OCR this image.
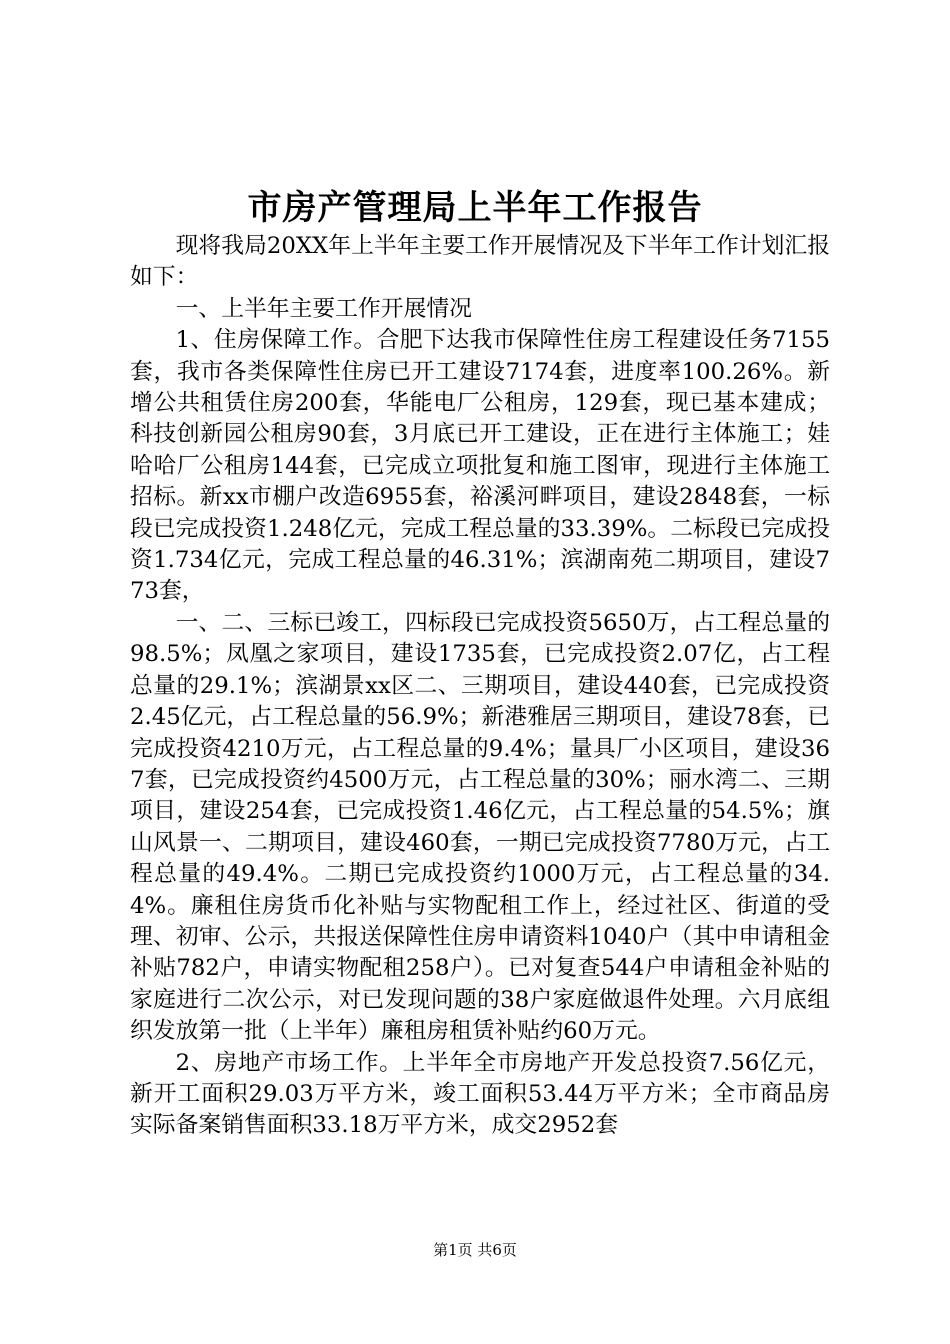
市房产管理局上半年工作报告

现将我局20XX年上半年主要工作开展情况及下半年工作计划汇报如下：

一、上半年主要工作开展情况

1、住房保障工作。合肥下达我市保障性住房工程建设任务7155套，我市各类保障性住房已开工建设7174套，进度率100.26%。新增公共租赁住房200套，华能电厂公租房，129套，现已基本建成；科技创新园公租房90套，3月底已开工建设，正在进行主体施工；娃哈哈厂公租房144套，已完成立项批复和施工图审，现进行主体施工招标。新xx市棚户改造6955套，裕溪河畔项目，建设2848套，一标段已完成投资1.248亿元，完成工程总量的33.39%。二标段已完成投资1.734亿元，完成工程总量的46.31%；滨湖南苑二期项目，建设773套，

一、二、三标已竣工，四标段已完成投资5650万，占工程总量的98.5%；凤凰之家项目，建设1735套，已完成投资2.07亿，占工程总量的29.1%；滨湖景xx区二、三期项目，建设440套，已完成投资2.45亿元，占工程总量的56.9%；新港雅居三期项目，建设78套，已完成投资4210万元，占工程总量的9.4%；量具厂小区项目，建设367套，已完成投资约4500万元，占工程总量的30%；丽水湾二、三期项目，建设254套，已完成投资1.46亿元，占工程总量的54.5%；旗山风景一、二期项目，建设460套，一期已完成投资7780万元，占工程总量的49.4%。二期已完成投资约1000万元，占工程总量的34.4%。廉租住房货币化补贴与实物配租工作上，经过社区、街道的受理、初审、公示，共报送保障性住房申请资料1040户（其中申请租金补贴782户，申请实物配租258户）。已对复查544户申请租金补贴的家庭进行二次公示，对已发现问题的38户家庭做退件处理。六月底组织发放第一批（上半年）廉租房租赁补贴约60万元。

2、房地产市场工作。上半年全市房地产开发总投资7.56亿元，新开工面积29.03万平方米，竣工面积53.44万平方米；全市商品房实际备案销售面积33.18万平方米，成交2952套

第1页 共6页
